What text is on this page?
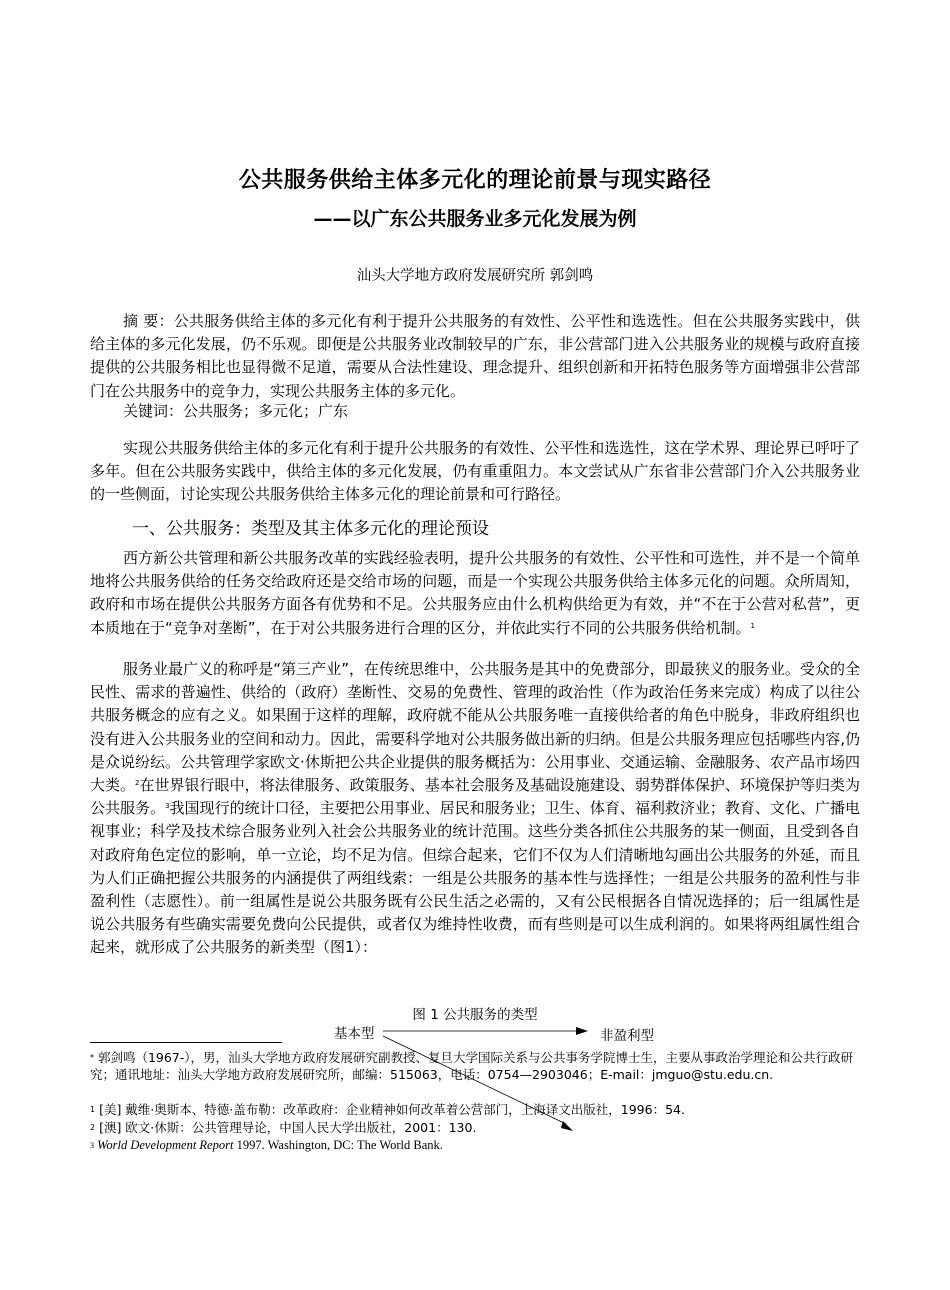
公共服务供给主体多元化的理论前景与现实路径
——以广东公共服务业多元化发展为例
汕头大学地方政府发展研究所 郭剑鸣
摘 要：公共服务供给主体的多元化有利于提升公共服务的有效性、公平性和选选性。但在公共服务实践中，供给主体的多元化发展，仍不乐观。即便是公共服务业改制较早的广东，非公营部门进入公共服务业的规模与政府直接提供的公共服务相比也显得微不足道，需要从合法性建设、理念提升、组织创新和开拓特色服务等方面增强非公营部门在公共服务中的竞争力，实现公共服务主体的多元化。
关键词：公共服务；多元化；广东
实现公共服务供给主体的多元化有利于提升公共服务的有效性、公平性和选选性，这在学术界、理论界已呼吁了多年。但在公共服务实践中，供给主体的多元化发展，仍有重重阻力。本文尝试从广东省非公营部门介入公共服务业的一些侧面，讨论实现公共服务供给主体多元化的理论前景和可行路径。
一、公共服务：类型及其主体多元化的理论预设
西方新公共管理和新公共服务改革的实践经验表明，提升公共服务的有效性、公平性和可选性，并不是一个简单地将公共服务供给的任务交给政府还是交给市场的问题，而是一个实现公共服务供给主体多元化的问题。众所周知，政府和市场在提供公共服务方面各有优势和不足。公共服务应由什么机构供给更为有效，并“不在于公营对私营”，更本质地在于“竞争对垄断”，在于对公共服务进行合理的区分，并依此实行不同的公共服务供给机制。$^1$
服务业最广义的称呼是“第三产业”，在传统思维中，公共服务是其中的免费部分，即最狭义的服务业。受众的全民性、需求的普遍性、供给的（政府）垄断性、交易的免费性、管理的政治性（作为政治任务来完成）构成了以往公共服务概念的应有之义。如果囿于这样的理解，政府就不能从公共服务唯一直接供给者的角色中脱身，非政府组织也没有进入公共服务业的空间和动力。因此，需要科学地对公共服务做出新的归纳。但是公共服务理应包括哪些内容,仍是众说纷纭。公共管理学家欧文·休斯把公共企业提供的服务概括为：公用事业、交通运输、金融服务、农产品市场四大类。$^2$在世界银行眼中，将法律服务、政策服务、基本社会服务及基础设施建设、弱势群体保护、环境保护等归类为公共服务。$^3$我国现行的统计口径，主要把公用事业、居民和服务业；卫生、体育、福利救济业；教育、文化、广播电视事业；科学及技术综合服务业列入社会公共服务业的统计范围。这些分类各抓住公共服务的某一侧面，且受到各自对政府角色定位的影响，单一立论，均不足为信。但综合起来，它们不仅为人们清晰地勾画出公共服务的外延，而且为人们正确把握公共服务的内涵提供了两组线索：一组是公共服务的基本性与选择性；一组是公共服务的盈利性与非盈利性（志愿性）。前一组属性是说公共服务既有公民生活之必需的，又有公民根据各自情况选择的；后一组属性是说公共服务有些确实需要免费向公民提供，或者仅为维持性收费，而有些则是可以生成利润的。如果将两组属性组合起来，就形成了公共服务的新类型（图1）：
图 1 公共服务的类型
基本型	非盈利型
* 郭剑鸣（1967-），男，汕头大学地方政府发展研究副教授、复旦大学国际关系与公共事务学院博士生，主要从事政治学理论和公共行政研究；通讯地址：汕头大学地方政府发展研究所，邮编：515063，电话：0754—2903046；E-mail：jmguo@stu.edu.cn.
$^1$ [美] 戴维·奥斯本、特德·盖布勒：改革政府：企业精神如何改革着公营部门，上海译文出版社，1996：54.
$^2$ [澳] 欧文·休斯：公共管理导论，中国人民大学出版社，2001：130.
$^3$ World Development Report 1997. Washington, DC: The World Bank.
